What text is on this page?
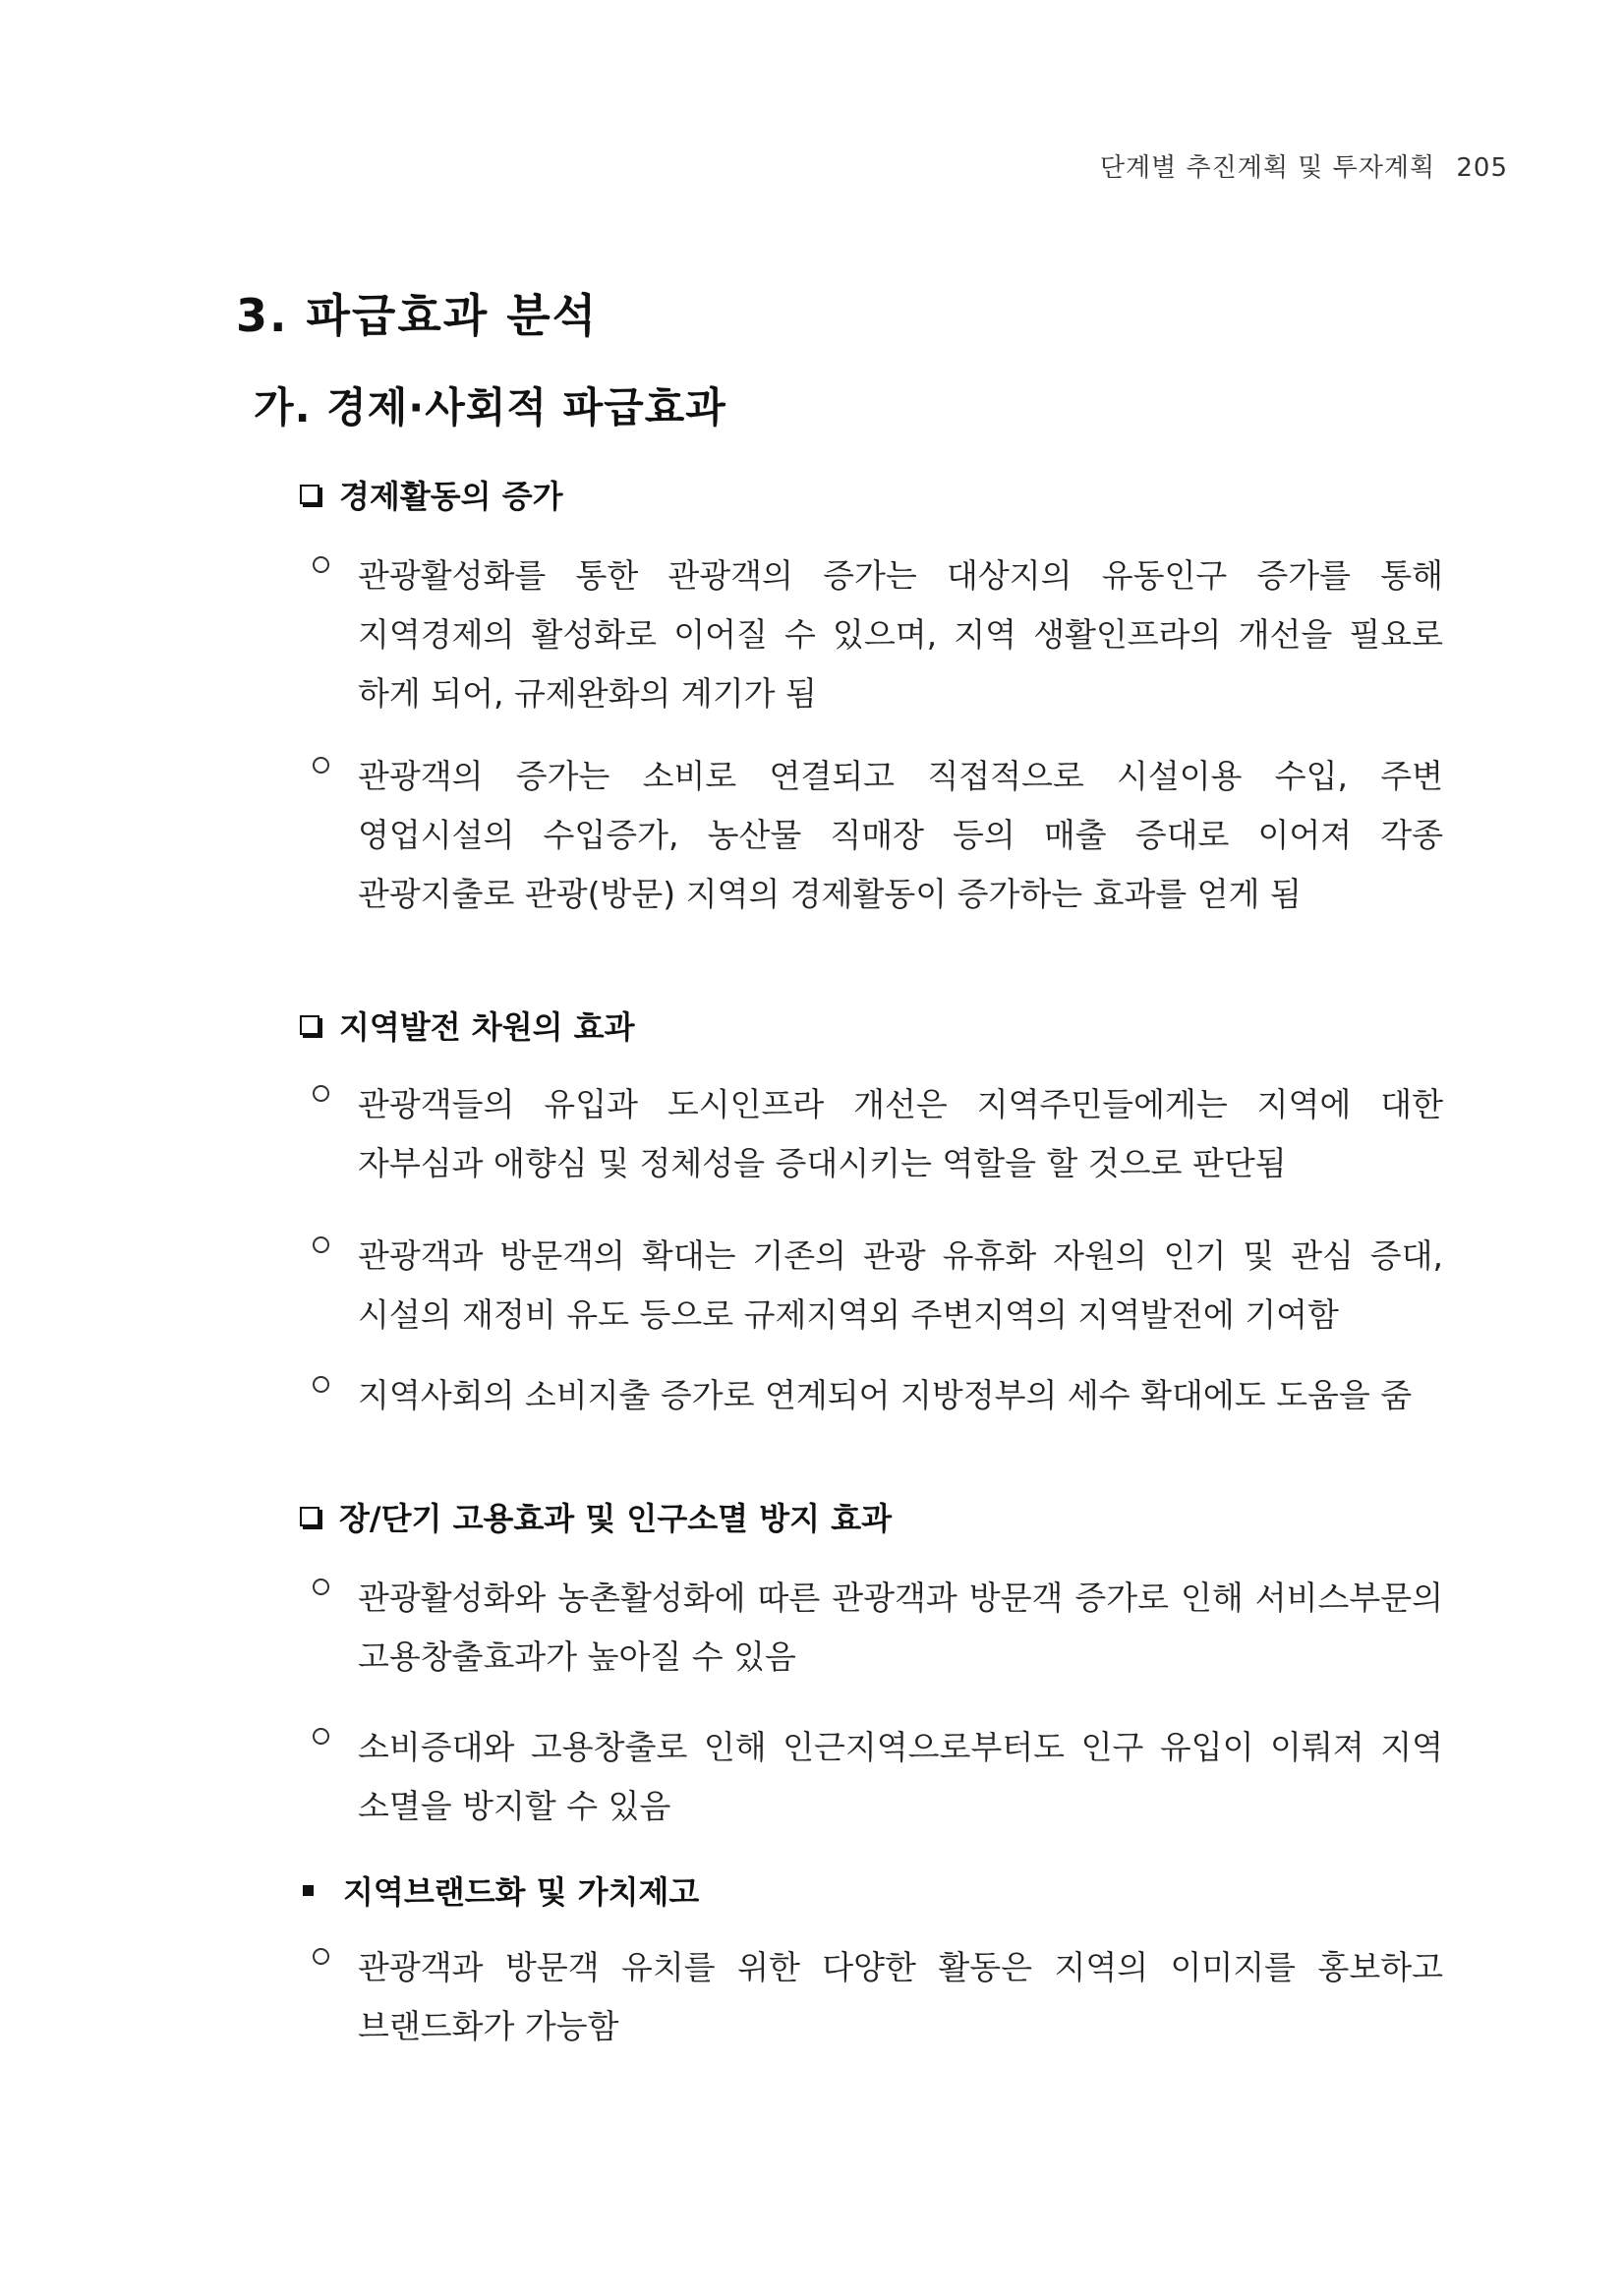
단계별 추진계획 및 투자계획 205
3. 파급효과 분석
가. 경제·사회적 파급효과
경제활동의 증가
관광활성화를 통한 관광객의 증가는 대상지의 유동인구 증가를 통해 지역경제의 활성화로 이어질 수 있으며, 지역 생활인프라의 개선을 필요로 하게 되어, 규제완화의 계기가 됨
관광객의 증가는 소비로 연결되고 직접적으로 시설이용 수입, 주변 영업시설의 수입증가, 농산물 직매장 등의 매출 증대로 이어져 각종 관광지출로 관광(방문) 지역의 경제활동이 증가하는 효과를 얻게 됨
지역발전 차원의 효과
관광객들의 유입과 도시인프라 개선은 지역주민들에게는 지역에 대한 자부심과 애향심 및 정체성을 증대시키는 역할을 할 것으로 판단됨
관광객과 방문객의 확대는 기존의 관광 유휴화 자원의 인기 및 관심 증대, 시설의 재정비 유도 등으로 규제지역외 주변지역의 지역발전에 기여함
지역사회의 소비지출 증가로 연계되어 지방정부의 세수 확대에도 도움을 줌
장/단기 고용효과 및 인구소멸 방지 효과
관광활성화와 농촌활성화에 따른 관광객과 방문객 증가로 인해 서비스부문의 고용창출효과가 높아질 수 있음
소비증대와 고용창출로 인해 인근지역으로부터도 인구 유입이 이뤄져 지역 소멸을 방지할 수 있음
지역브랜드화 및 가치제고
관광객과 방문객 유치를 위한 다양한 활동은 지역의 이미지를 홍보하고 브랜드화가 가능함
